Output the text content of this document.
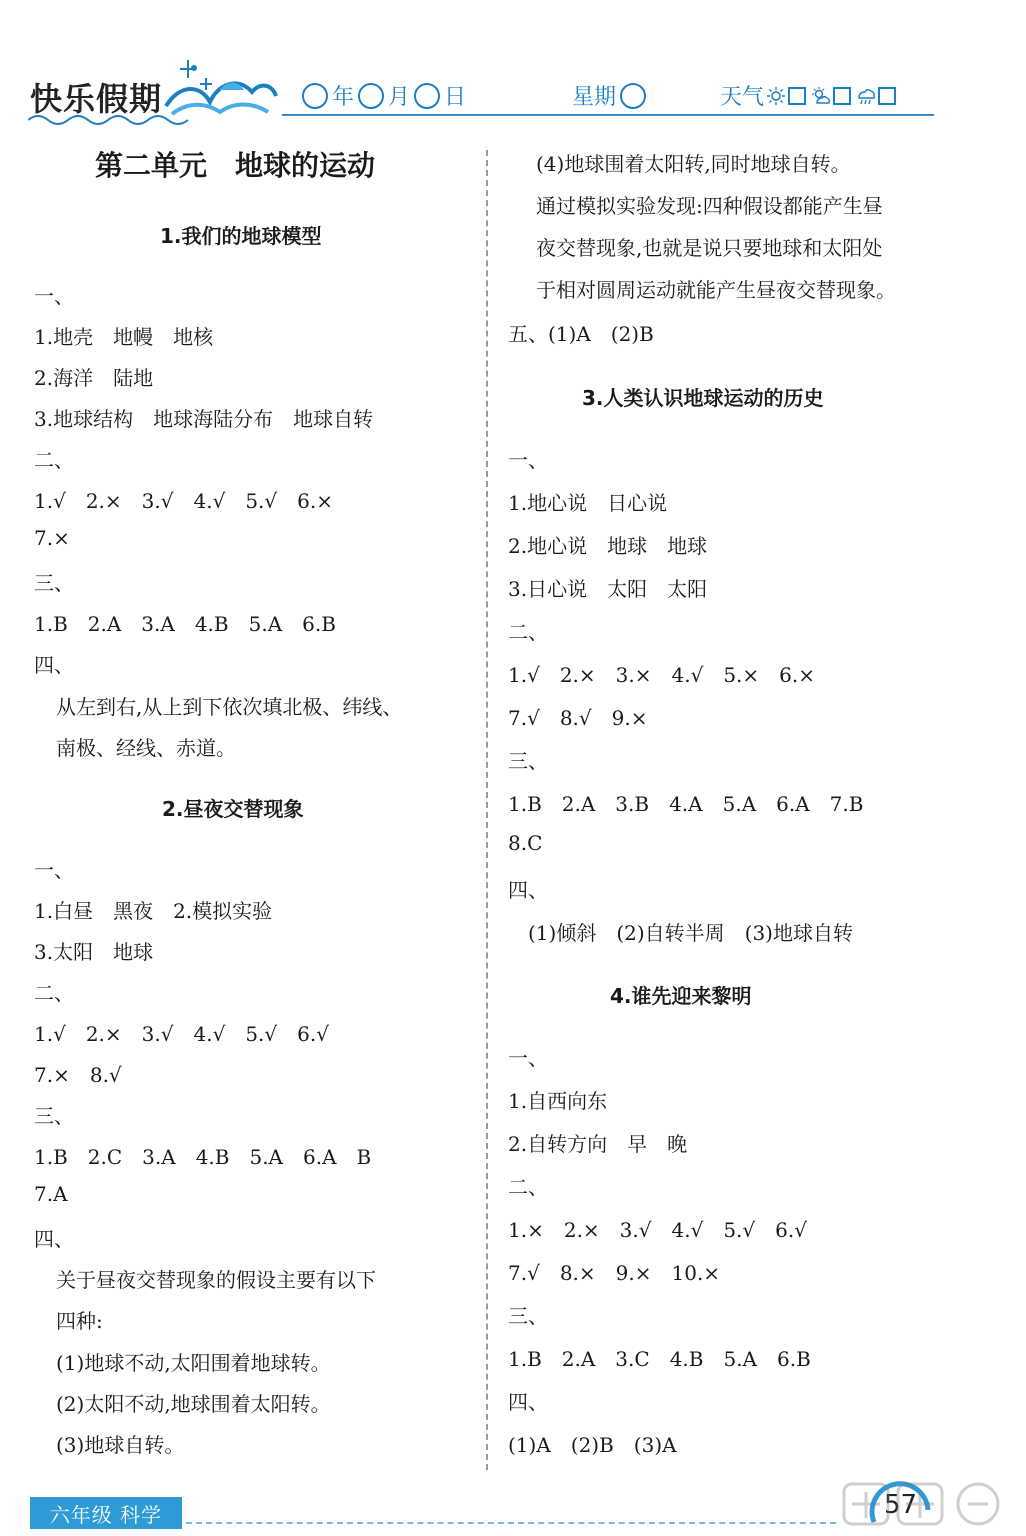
快乐假期	年 月 日	星期	天气
第二单元　地球的运动
1.我们的地球模型
一、
1.地壳　地幔　地核
2.海洋　陆地
3.地球结构　地球海陆分布　地球自转
二、
1.√　2.×　3.√　4.√　5.√　6.×
7.×
三、
1.B　2.A　3.A　4.B　5.A　6.B
四、
从左到右,从上到下依次填北极、纬线、
南极、经线、赤道。
2.昼夜交替现象
一、
1.白昼　黑夜　2.模拟实验
3.太阳　地球
二、
1.√　2.×　3.√　4.√　5.√　6.√
7.×　8.√
三、
1.B　2.C　3.A　4.B　5.A　6.A　B
7.A
四、
关于昼夜交替现象的假设主要有以下
四种:
(1)地球不动,太阳围着地球转。
(2)太阳不动,地球围着太阳转。
(3)地球自转。
(4)地球围着太阳转,同时地球自转。
通过模拟实验发现:四种假设都能产生昼
夜交替现象,也就是说只要地球和太阳处
于相对圆周运动就能产生昼夜交替现象。
五、(1)A　(2)B
3.人类认识地球运动的历史
一、
1.地心说　日心说
2.地心说　地球　地球
3.日心说　太阳　太阳
二、
1.√　2.×　3.×　4.√　5.×　6.×
7.√　8.√　9.×
三、
1.B　2.A　3.B　4.A　5.A　6.A　7.B
8.C
四、
(1)倾斜　(2)自转半周　(3)地球自转
4.谁先迎来黎明
一、
1.自西向东
2.自转方向　早　晚
二、
1.×　2.×　3.√　4.√　5.√　6.√
7.√　8.×　9.×　10.×
三、
1.B　2.A　3.C　4.B　5.A　6.B
四、
(1)A　(2)B　(3)A
六年级 科学	57
